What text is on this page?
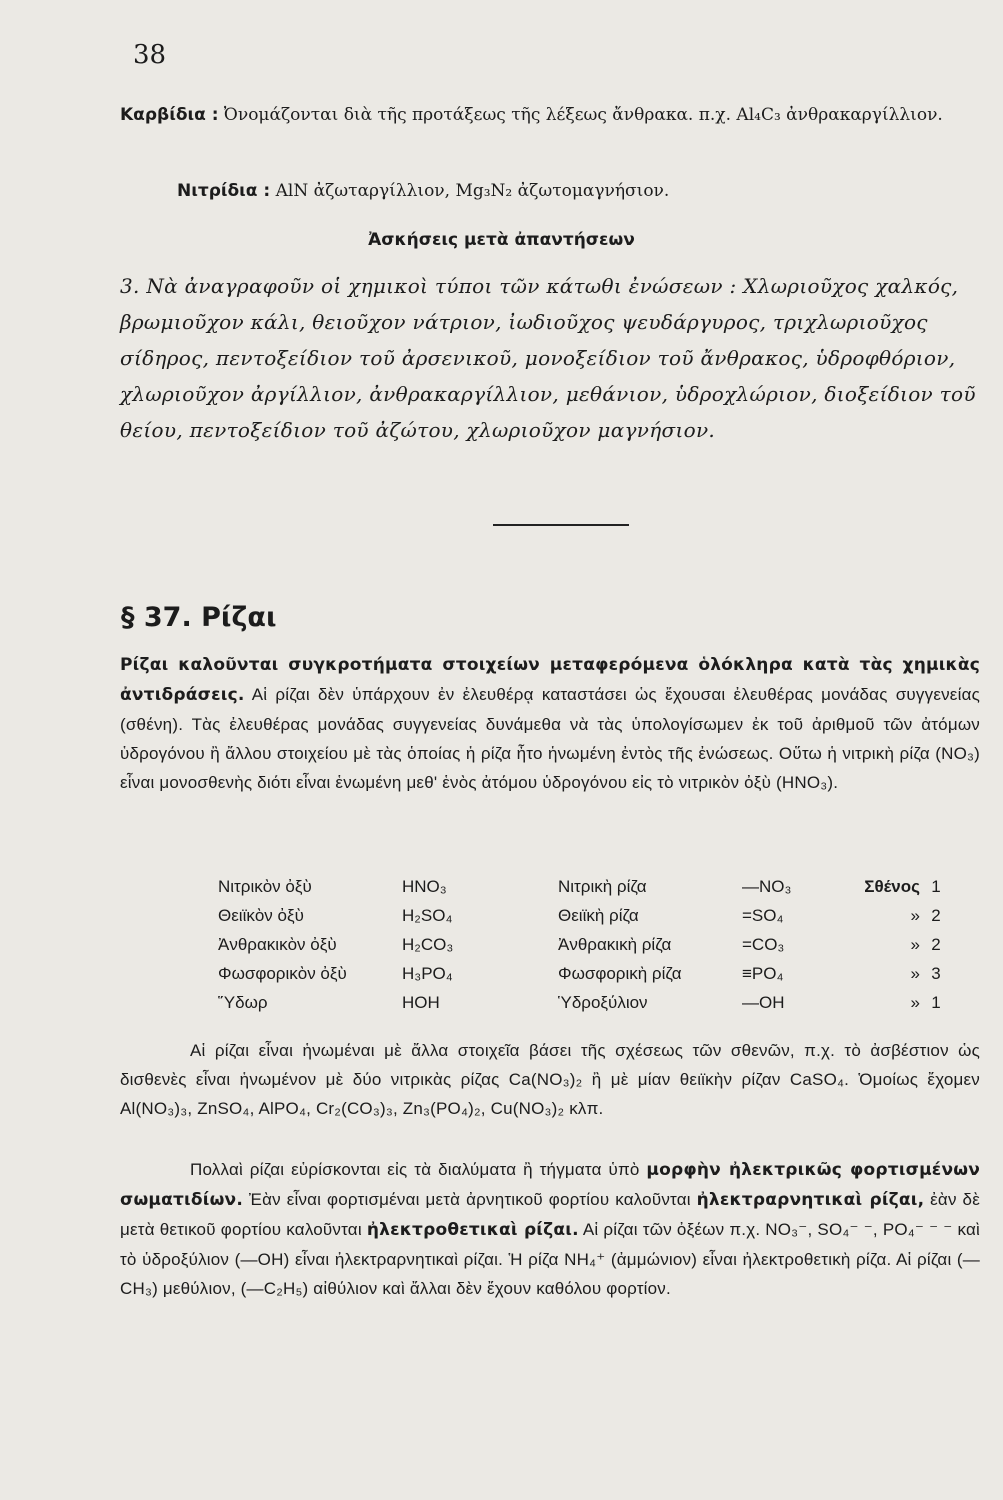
38
Καρβίδια : Ὀνομάζονται διὰ τῆς προτάξεως τῆς λέξεως ἄνθρακα. π.χ. Al₄C₃ ἀνθρακαργίλλιον.
Νιτρίδια : AlN ἀζωταργίλλιον, Mg₃N₂ ἀζωτομαγνήσιον.
Ἀσκήσεις μετὰ ἀπαντήσεων
3. Νὰ ἀναγραφοῦν οἱ χημικοὶ τύποι τῶν κάτωθι ἐνώσεων : Χλωριοῦχος χαλκός, βρωμιοῦχον κάλι, θειοῦχον νάτριον, ἰωδιοῦχος ψευδάργυρος, τριχλωριοῦχος σίδηρος, πεντοξείδιον τοῦ ἀρσενικοῦ, μονοξείδιον τοῦ ἄνθρακος, ὑδροφθόριον, χλωριοῦχον ἀργίλλιον, ἀνθρακαργίλλιον, μεθάνιον, ὑδροχλώριον, διοξείδιον τοῦ θείου, πεντοξείδιον τοῦ ἀζώτου, χλωριοῦχον μαγνήσιον.
§ 37. Ρίζαι
Ρίζαι καλοῦνται συγκροτήματα στοιχείων μεταφερόμενα ὁλόκληρα κατὰ τὰς χημικὰς ἀντιδράσεις. Αἱ ρίζαι δὲν ὑπάρχουν ἐν ἐλευθέρᾳ καταστάσει ὡς ἔχουσαι ἐλευθέρας μονάδας συγγενείας (σθένη). Τὰς ἐλευθέρας μονάδας συγγενείας δυνάμεθα νὰ τὰς ὑπολογίσωμεν ἐκ τοῦ ἀριθμοῦ τῶν ἀτόμων ὑδρογόνου ἢ ἄλλου στοιχείου μὲ τὰς ὁποίας ἡ ρίζα ἦτο ἡνωμένη ἐντὸς τῆς ἐνώσεως. Οὕτω ἡ νιτρικὴ ρίζα (NO₃) εἶναι μονοσθενὴς διότι εἶναι ἑνωμένη μεθ' ἑνὸς ἀτόμου ὑδρογόνου εἰς τὸ νιτρικὸν ὀξὺ (HNO₃).
Νιτρικὸν ὀξὺ	HNO₃	Νιτρικὴ ρίζα	—NO₃	Σθένος	1
Θειϊκὸν ὀξὺ	H₂SO₄	Θειϊκὴ ρίζα	=SO₄	»	2
Ἀνθρακικὸν ὀξὺ	H₂CO₃	Ἀνθρακικὴ ρίζα	=CO₃	»	2
Φωσφορικὸν ὀξὺ	H₃PO₄	Φωσφορικὴ ρίζα	≡PO₄	»	3
Ὕδωρ	HOH	Ὑδροξύλιον	—OH	»	1
Αἱ ρίζαι εἶναι ἡνωμέναι μὲ ἄλλα στοιχεῖα βάσει τῆς σχέσεως τῶν σθενῶν, π.χ. τὸ ἀσβέστιον ὡς δισθενὲς εἶναι ἡνωμένον μὲ δύο νιτρικὰς ρίζας Ca(NO₃)₂ ἢ μὲ μίαν θειϊκὴν ρίζαν CaSO₄. Ὁμοίως ἔχομεν Al(NO₃)₃, ZnSO₄, AlPO₄, Cr₂(CO₃)₃, Zn₃(PO₄)₂, Cu(NO₃)₂ κλπ.
Πολλαὶ ρίζαι εὑρίσκονται εἰς τὰ διαλύματα ἢ τήγματα ὑπὸ μορφὴν ἠλεκτρικῶς φορτισμένων σωματιδίων. Ἐὰν εἶναι φορτισμέναι μετὰ ἀρνητικοῦ φορτίου καλοῦνται ἠλεκτραρνητικαὶ ρίζαι, ἐὰν δὲ μετὰ θετικοῦ φορτίου καλοῦνται ἠλεκτροθετικαὶ ρίζαι. Αἱ ρίζαι τῶν ὀξέων π.χ. NO₃⁻, SO₄⁻ ⁻, PO₄⁻ ⁻ ⁻ καὶ τὸ ὑδροξύλιον (—OH) εἶναι ἠλεκτραρνητικαὶ ρίζαι. Ἡ ρίζα NH₄⁺ (ἀμμώνιον) εἶναι ἠλεκτροθετικὴ ρίζα. Αἱ ρίζαι (—CH₃) μεθύλιον, (—C₂H₅) αἰθύλιον καὶ ἄλλαι δὲν ἔχουν καθόλου φορτίον.
